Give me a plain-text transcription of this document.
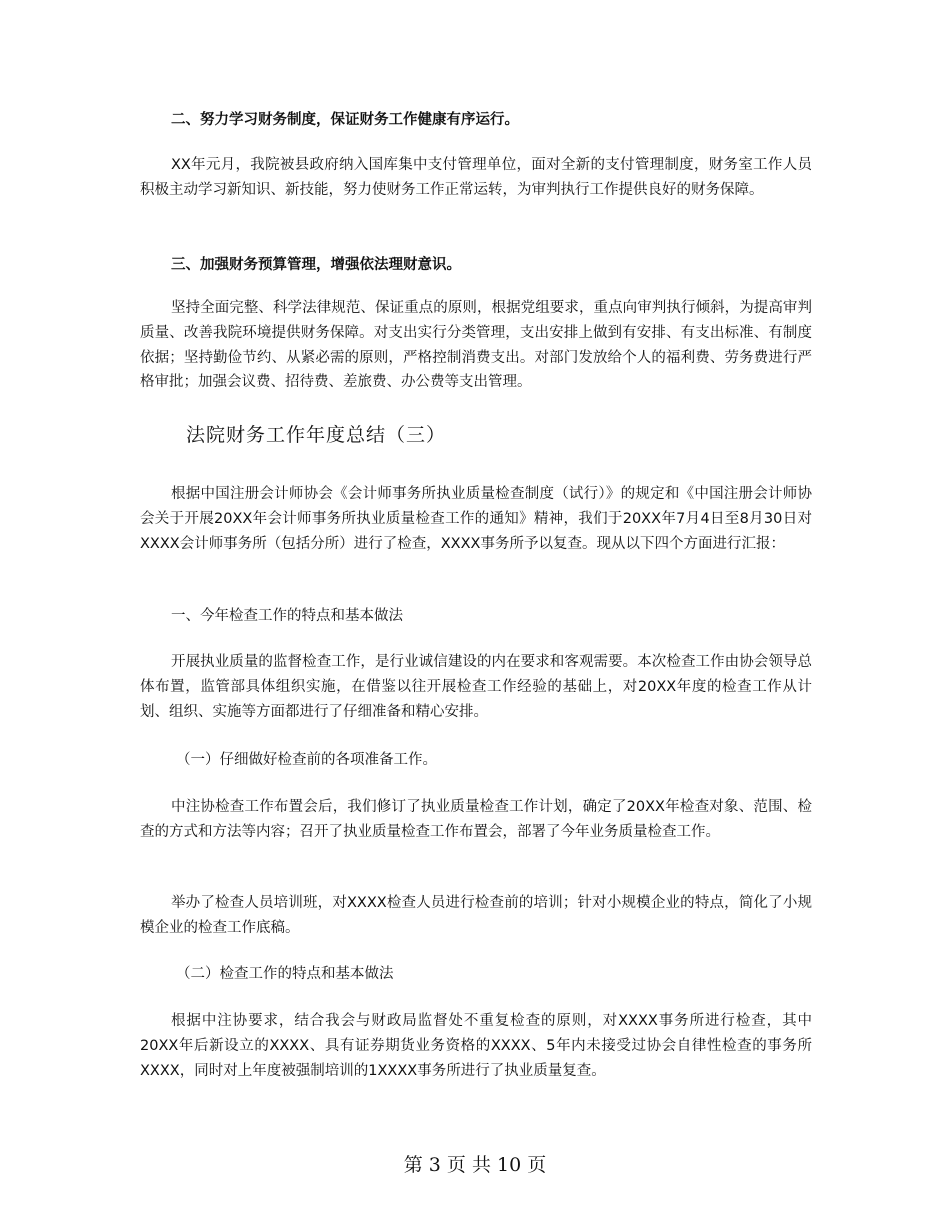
二、努力学习财务制度，保证财务工作健康有序运行。

XX年元月，我院被县政府纳入国库集中支付管理单位，面对全新的支付管理制度，财务室工作人员积极主动学习新知识、新技能，努力使财务工作正常运转，为审判执行工作提供良好的财务保障。

三、加强财务预算管理，增强依法理财意识。

坚持全面完整、科学法律规范、保证重点的原则，根据党组要求，重点向审判执行倾斜，为提高审判质量、改善我院环境提供财务保障。对支出实行分类管理，支出安排上做到有安排、有支出标准、有制度依据；坚持勤俭节约、从紧必需的原则，严格控制消费支出。对部门发放给个人的福利费、劳务费进行严格审批；加强会议费、招待费、差旅费、办公费等支出管理。

法院财务工作年度总结（三）

根据中国注册会计师协会《会计师事务所执业质量检查制度（试行）》的规定和《中国注册会计师协会关于开展20XX年会计师事务所执业质量检查工作的通知》精神，我们于20XX年7月4日至8月30日对XXXX会计师事务所（包括分所）进行了检查，XXXX事务所予以复查。现从以下四个方面进行汇报：

一、今年检查工作的特点和基本做法

开展执业质量的监督检查工作，是行业诚信建设的内在要求和客观需要。本次检查工作由协会领导总体布置，监管部具体组织实施，在借鉴以往开展检查工作经验的基础上，对20XX年度的检查工作从计划、组织、实施等方面都进行了仔细准备和精心安排。

（一）仔细做好检查前的各项准备工作。

中注协检查工作布置会后，我们修订了执业质量检查工作计划，确定了20XX年检查对象、范围、检查的方式和方法等内容；召开了执业质量检查工作布置会，部署了今年业务质量检查工作。

举办了检查人员培训班，对XXXX检查人员进行检查前的培训；针对小规模企业的特点，简化了小规模企业的检查工作底稿。

（二）检查工作的特点和基本做法

根据中注协要求，结合我会与财政局监督处不重复检查的原则，对XXXX事务所进行检查，其中20XX年后新设立的XXXX、具有证券期货业务资格的XXXX、5年内未接受过协会自律性检查的事务所XXXX，同时对上年度被强制培训的1XXXX事务所进行了执业质量复查。

第 3 页 共 10 页
